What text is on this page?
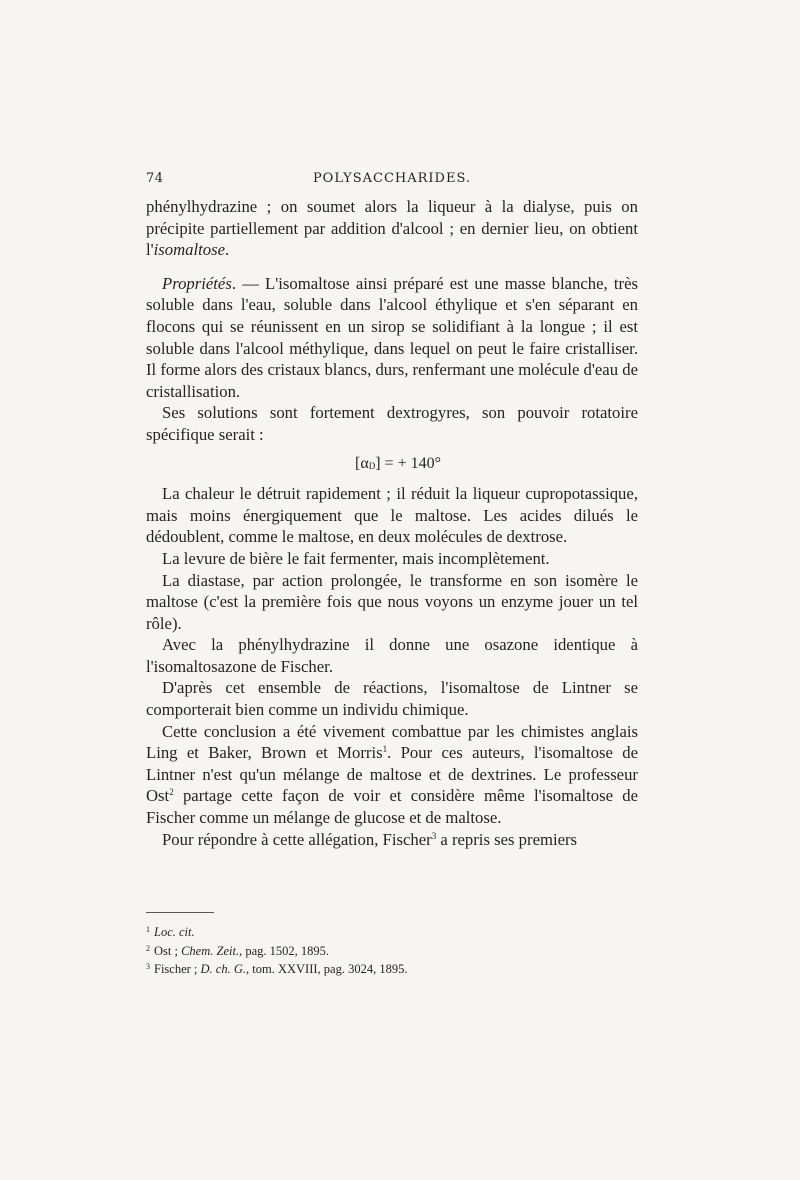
74	POLYSACCHARIDES.

phénylhydrazine ; on soumet alors la liqueur à la dialyse, puis on précipite partiellement par addition d'alcool ; en dernier lieu, on obtient l'isomaltose.

Propriétés. — L'isomaltose ainsi préparé est une masse blanche, très soluble dans l'eau, soluble dans l'alcool éthylique et s'en séparant en flocons qui se réunissent en un sirop se solidifiant à la longue ; il est soluble dans l'alcool méthylique, dans lequel on peut le faire cristalliser. Il forme alors des cristaux blancs, durs, renfermant une molécule d'eau de cristallisation.

Ses solutions sont fortement dextrogyres, son pouvoir rotatoire spécifique serait :

[αD] = + 140°

La chaleur le détruit rapidement ; il réduit la liqueur cupropotassique, mais moins énergiquement que le maltose. Les acides dilués le dédoublent, comme le maltose, en deux molécules de dextrose.

La levure de bière le fait fermenter, mais incomplètement.

La diastase, par action prolongée, le transforme en son isomère le maltose (c'est la première fois que nous voyons un enzyme jouer un tel rôle).

Avec la phénylhydrazine il donne une osazone identique à l'isomaltosazone de Fischer.

D'après cet ensemble de réactions, l'isomaltose de Lintner se comporterait bien comme un individu chimique.

Cette conclusion a été vivement combattue par les chimistes anglais Ling et Baker, Brown et Morris$^1$. Pour ces auteurs, l'isomaltose de Lintner n'est qu'un mélange de maltose et de dextrines. Le professeur Ost$^2$ partage cette façon de voir et considère même l'isomaltose de Fischer comme un mélange de glucose et de maltose.

Pour répondre à cette allégation, Fischer$^3$ a repris ses premiers

$^1$ Loc. cit.

$^2$ Ost ; Chem. Zeit., pag. 1502, 1895.

$^3$ Fischer ; D. ch. G., tom. XXVIII, pag. 3024, 1895.
